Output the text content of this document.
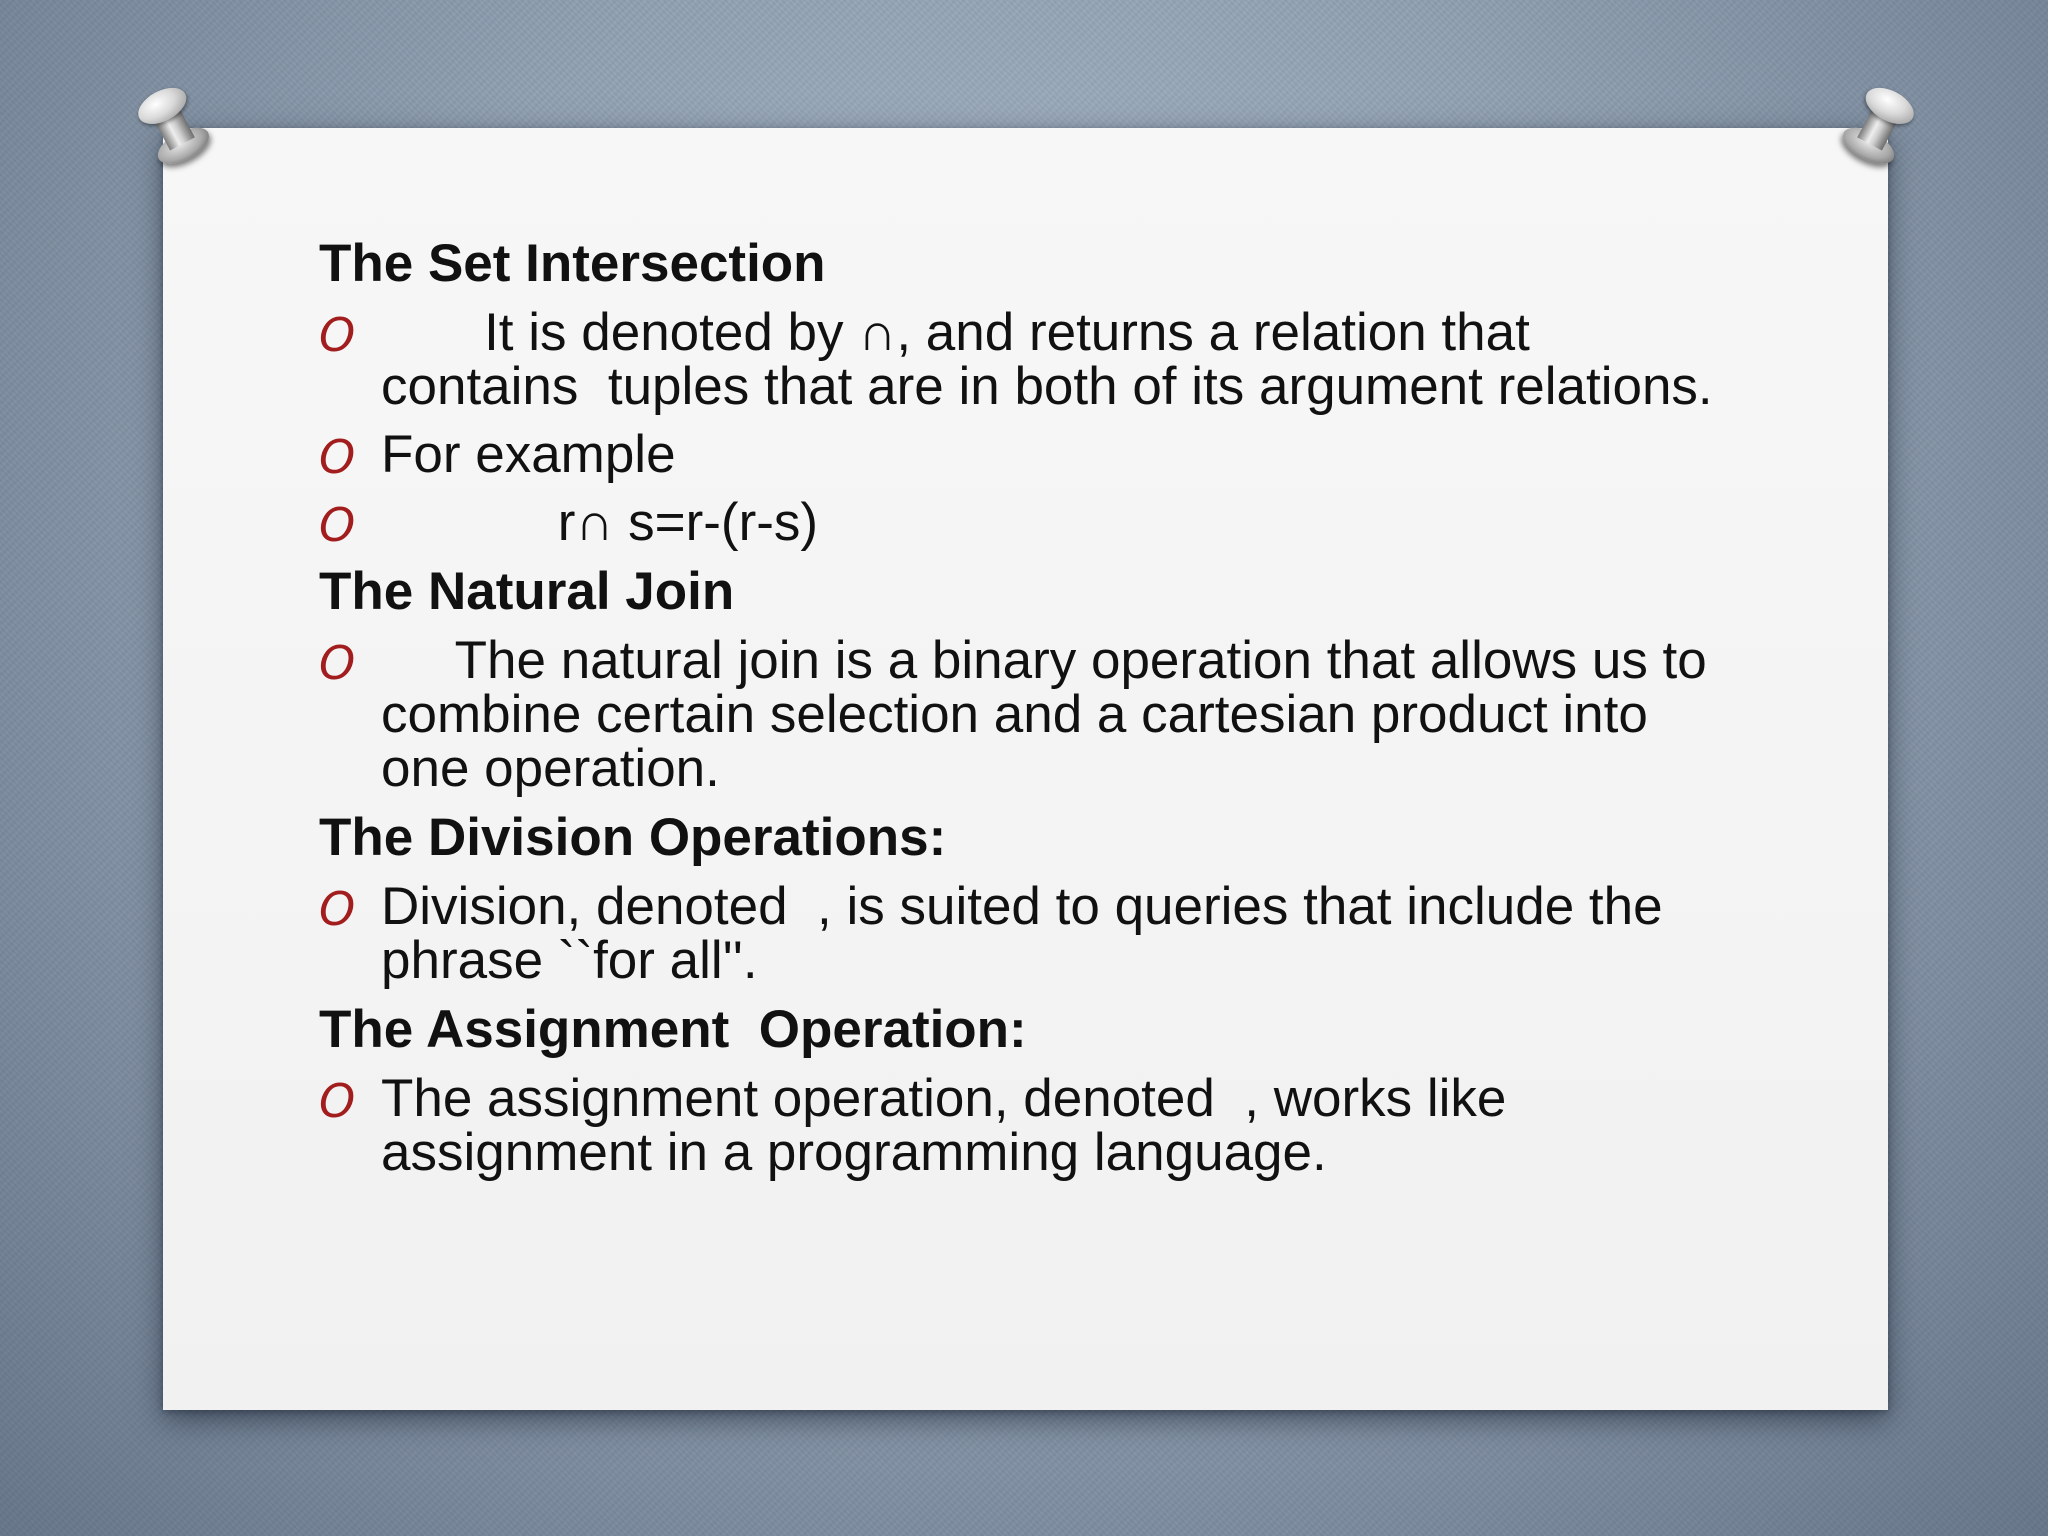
The Set Intersection
O It is denoted by ∩, and returns a relation that contains  tuples that are in both of its argument relations.
O For example
O r∩ s=r-(r-s)
The Natural Join
O The natural join is a binary operation that allows us to combine certain selection and a cartesian product into one operation.
The Division Operations:
O Division, denoted  , is suited to queries that include the phrase ``for all''.
The Assignment  Operation:
O The assignment operation, denoted  , works like assignment in a programming language.
